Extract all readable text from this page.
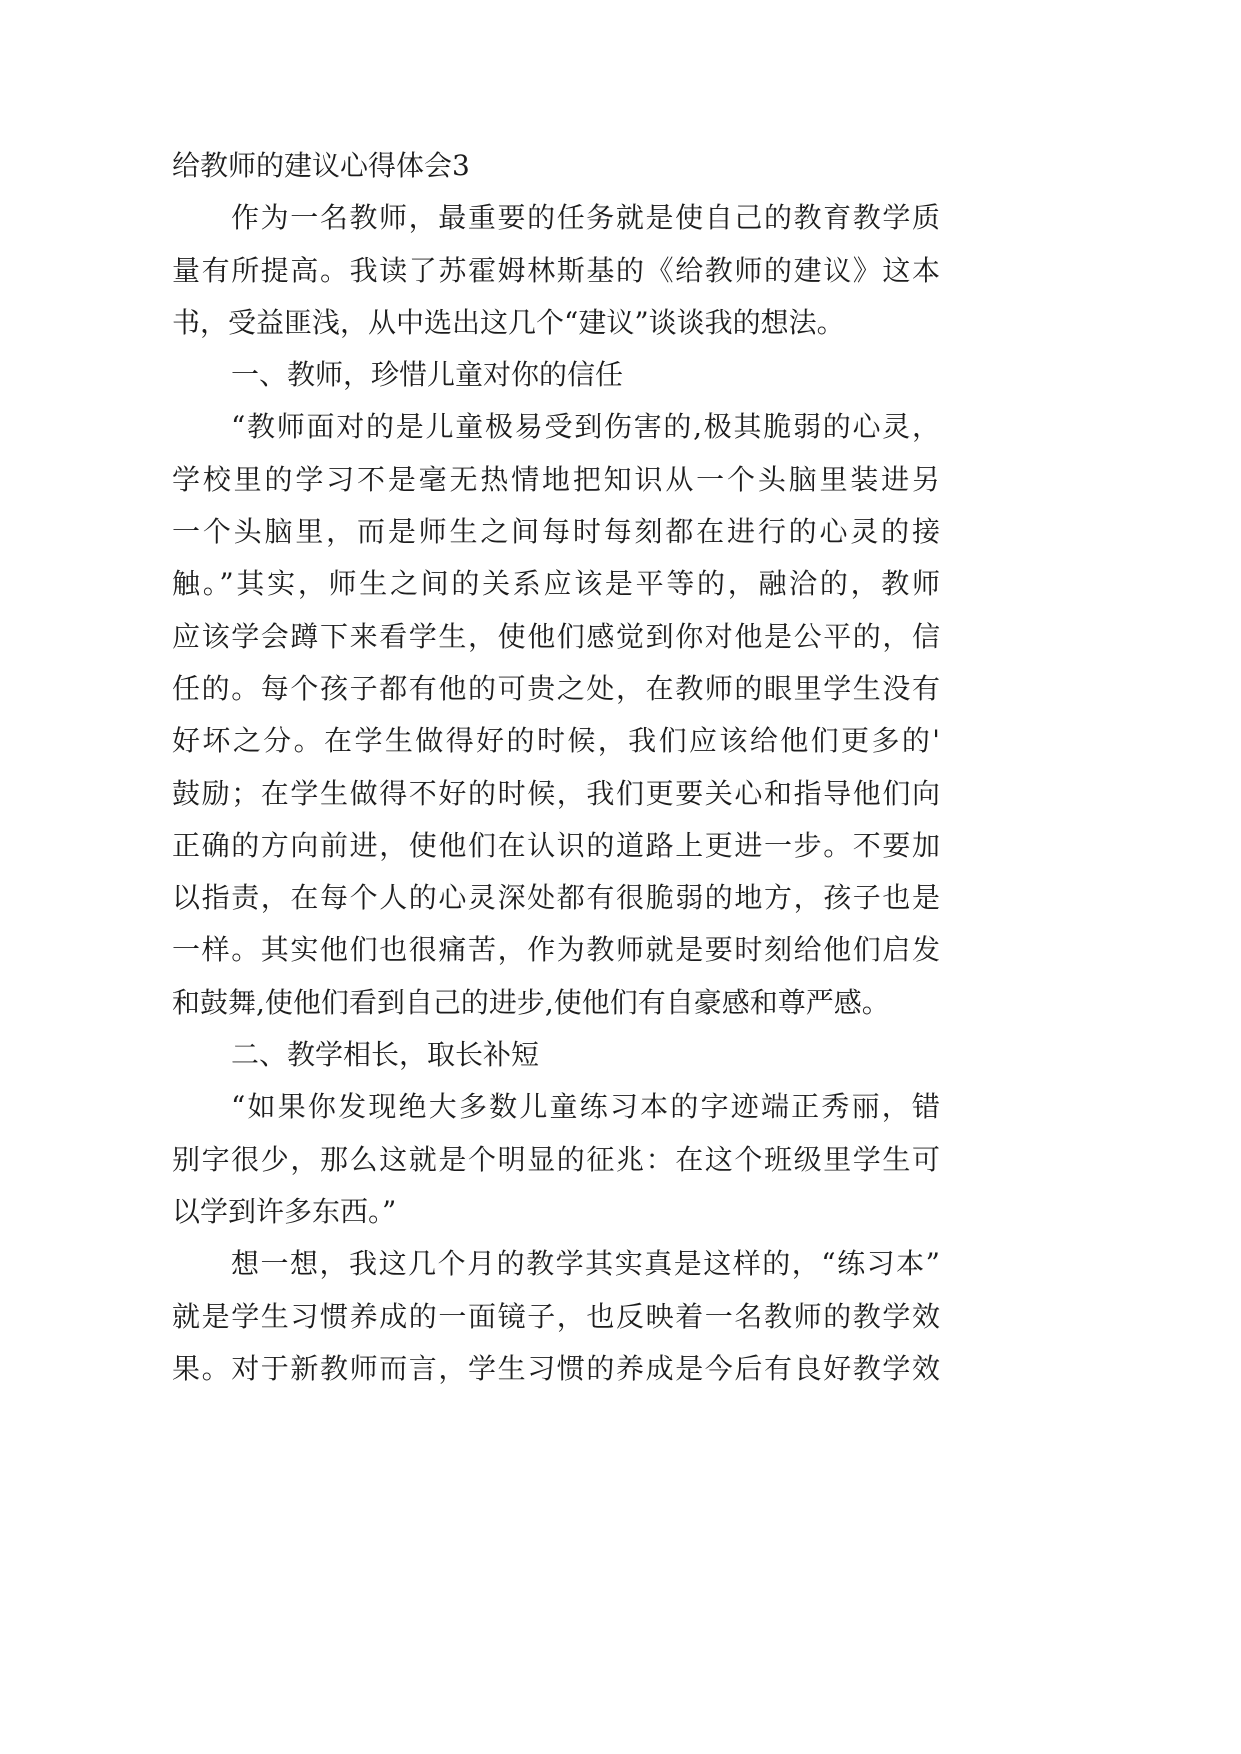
给教师的建议心得体会3
作为一名教师，最重要的任务就是使自己的教育教学质
量有所提高。我读了苏霍姆林斯基的《给教师的建议》这本
书，受益匪浅，从中选出这几个“建议”谈谈我的想法。
一、教师，珍惜儿童对你的信任
“教师面对的是儿童极易受到伤害的,极其脆弱的心灵，
学校里的学习不是毫无热情地把知识从一个头脑里装进另
一个头脑里，而是师生之间每时每刻都在进行的心灵的接
触。”其实，师生之间的关系应该是平等的，融洽的，教师
应该学会蹲下来看学生，使他们感觉到你对他是公平的，信
任的。每个孩子都有他的可贵之处，在教师的眼里学生没有
好坏之分。在学生做得好的时候，我们应该给他们更多的'
鼓励；在学生做得不好的时候，我们更要关心和指导他们向
正确的方向前进，使他们在认识的道路上更进一步。不要加
以指责，在每个人的心灵深处都有很脆弱的地方，孩子也是
一样。其实他们也很痛苦，作为教师就是要时刻给他们启发
和鼓舞,使他们看到自己的进步,使他们有自豪感和尊严感。
二、教学相长，取长补短
“如果你发现绝大多数儿童练习本的字迹端正秀丽，错
别字很少，那么这就是个明显的征兆：在这个班级里学生可
以学到许多东西。”
想一想，我这几个月的教学其实真是这样的，“练习本”
就是学生习惯养成的一面镜子，也反映着一名教师的教学效
果。对于新教师而言，学生习惯的养成是今后有良好教学效
